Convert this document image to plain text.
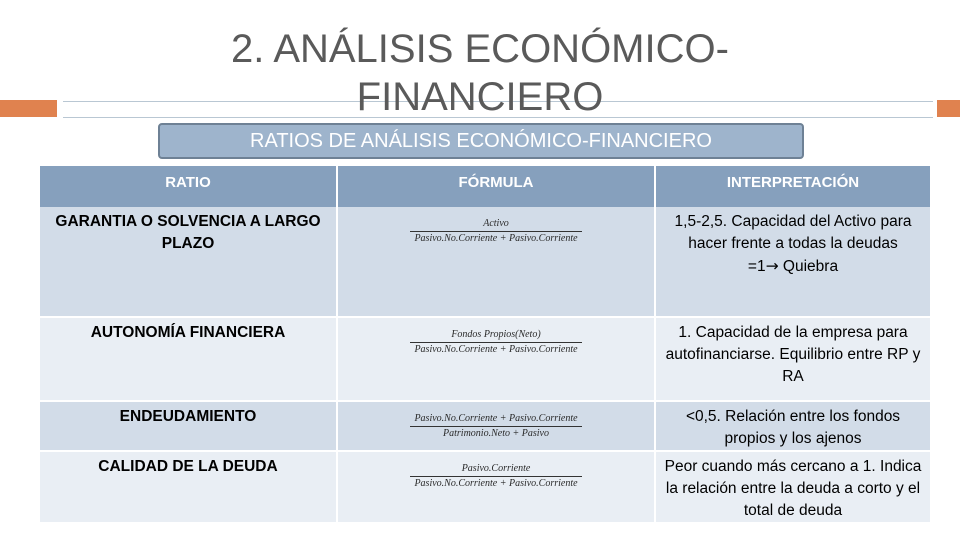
2. ANÁLISIS ECONÓMICO-FINANCIERO
RATIOS DE ANÁLISIS ECONÓMICO-FINANCIERO
RATIO	FÓRMULA	INTERPRETACIÓN
GARANTIA O SOLVENCIA A LARGO PLAZO	$\frac{\text{Activo}}{\text{Pasivo.No.Corriente + Pasivo.Corriente}}$	1,5-2,5. Capacidad del Activo para hacer frente a todas la deudas
=1→ Quiebra
AUTONOMÍA FINANCIERA	$\frac{\text{Fondos Propios(Neto)}}{\text{Pasivo.No.Corriente + Pasivo.Corriente}}$	1. Capacidad de la empresa para autofinanciarse. Equilibrio entre RP y RA
ENDEUDAMIENTO	$\frac{\text{Pasivo.No.Corriente + Pasivo.Corriente}}{\text{Patrimonio.Neto + Pasivo}}$	<0,5. Relación entre los fondos propios y los ajenos
CALIDAD DE LA DEUDA	$\frac{\text{Pasivo.Corriente}}{\text{Pasivo.No.Corriente + Pasivo.Corriente}}$	Peor cuando más cercano a 1. Indica la relación entre la deuda a corto y el total de deuda
